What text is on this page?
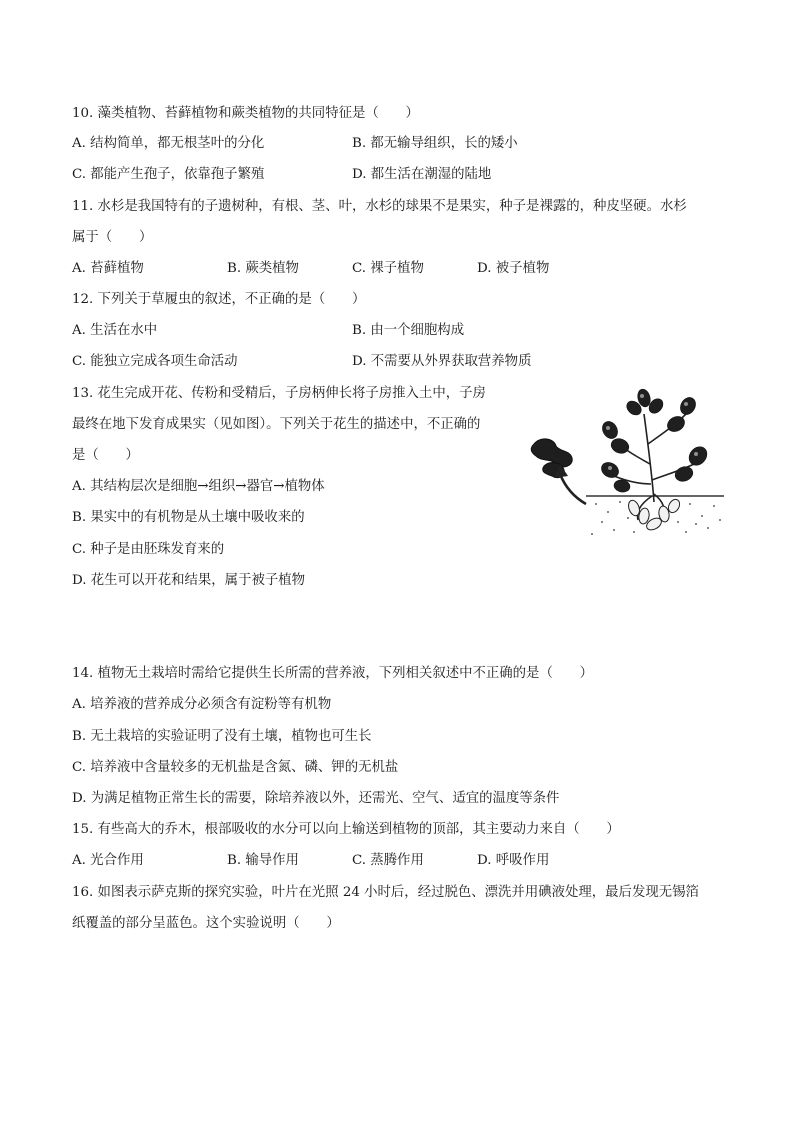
10. 藻类植物、苔藓植物和蕨类植物的共同特征是（　　）
A. 结构简单，都无根茎叶的分化	B. 都无输导组织，长的矮小
C. 都能产生孢子，依靠孢子繁殖	D. 都生活在潮湿的陆地
11. 水杉是我国特有的子遗树种，有根、茎、叶，水杉的球果不是果实，种子是裸露的，种皮坚硬。水杉
属于（　　）
A. 苔藓植物	B. 蕨类植物	C. 裸子植物	D. 被子植物
12. 下列关于草履虫的叙述，不正确的是（　　）
A. 生活在水中	B. 由一个细胞构成
C. 能独立完成各项生命活动	D. 不需要从外界获取营养物质
13. 花生完成开花、传粉和受精后，子房柄伸长将子房推入土中，子房
最终在地下发育成果实（见如图）。下列关于花生的描述中，不正确的
是（　　）
A. 其结构层次是细胞→组织→器官→植物体
B. 果实中的有机物是从土壤中吸收来的
C. 种子是由胚珠发育来的
D. 花生可以开花和结果，属于被子植物
14. 植物无土栽培时需给它提供生长所需的营养液，下列相关叙述中不正确的是（　　）
A. 培养液的营养成分必须含有淀粉等有机物
B. 无土栽培的实验证明了没有土壤，植物也可生长
C. 培养液中含量较多的无机盐是含氮、磷、钾的无机盐
D. 为满足植物正常生长的需要，除培养液以外，还需光、空气、适宜的温度等条件
15. 有些高大的乔木，根部吸收的水分可以向上输送到植物的顶部，其主要动力来自（　　）
A. 光合作用	B. 输导作用	C. 蒸腾作用	D. 呼吸作用
16. 如图表示萨克斯的探究实验，叶片在光照 24 小时后，经过脱色、漂洗并用碘液处理，最后发现无锡箔
纸覆盖的部分呈蓝色。这个实验说明（　　）
